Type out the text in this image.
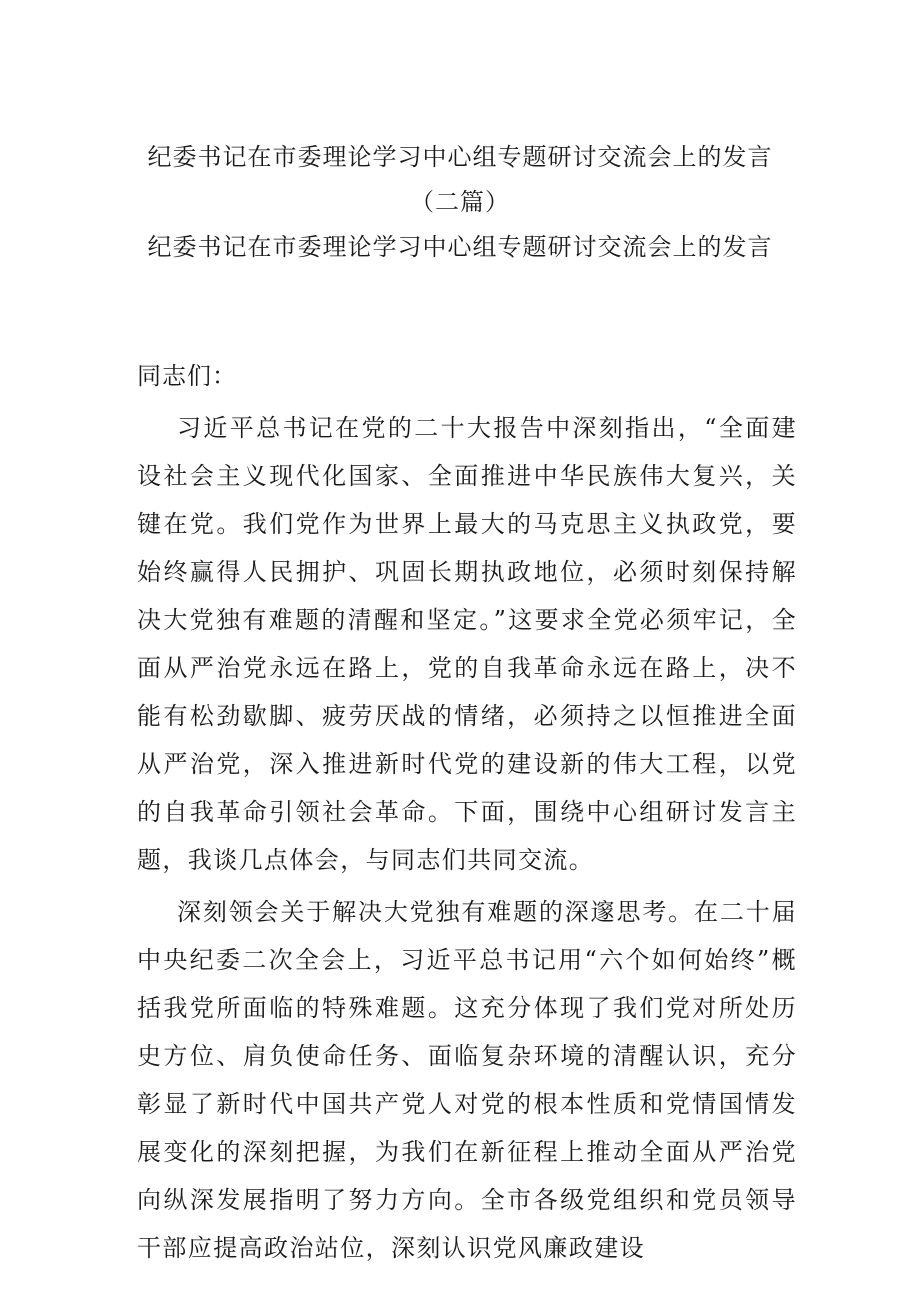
纪委书记在市委理论学习中心组专题研讨交流会上的发言
（二篇）
纪委书记在市委理论学习中心组专题研讨交流会上的发言

同志们：

习近平总书记在党的二十大报告中深刻指出，“全面建设社会主义现代化国家、全面推进中华民族伟大复兴，关键在党。我们党作为世界上最大的马克思主义执政党，要始终赢得人民拥护、巩固长期执政地位，必须时刻保持解决大党独有难题的清醒和坚定。”这要求全党必须牢记，全面从严治党永远在路上，党的自我革命永远在路上，决不能有松劲歇脚、疲劳厌战的情绪，必须持之以恒推进全面从严治党，深入推进新时代党的建设新的伟大工程，以党的自我革命引领社会革命。下面，围绕中心组研讨发言主题，我谈几点体会，与同志们共同交流。

深刻领会关于解决大党独有难题的深邃思考。在二十届中央纪委二次全会上，习近平总书记用“六个如何始终”概括我党所面临的特殊难题。这充分体现了我们党对所处历史方位、肩负使命任务、面临复杂环境的清醒认识，充分彰显了新时代中国共产党人对党的根本性质和党情国情发展变化的深刻把握，为我们在新征程上推动全面从严治党向纵深发展指明了努力方向。全市各级党组织和党员领导干部应提高政治站位，深刻认识党风廉政建设
